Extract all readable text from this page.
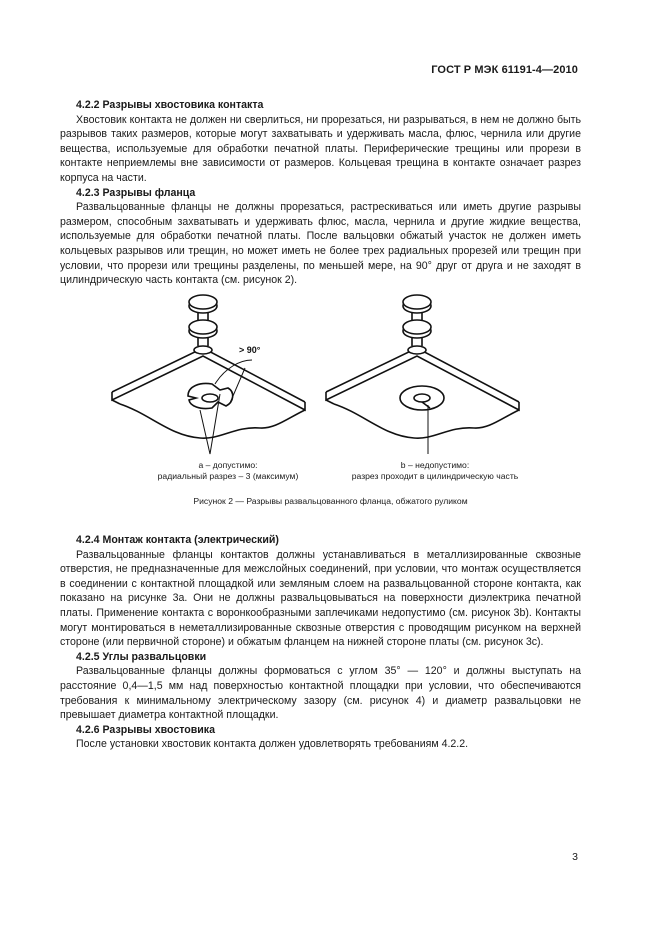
ГОСТ Р МЭК 61191-4—2010
4.2.2 Разрывы хвостовика контакта
Хвостовик контакта не должен ни сверлиться, ни прорезаться, ни разрываться, в нем не должно быть разрывов таких размеров, которые могут захватывать и удерживать масла, флюс, чернила или другие вещества, используемые для обработки печатной платы. Периферические трещины или прорези в контакте неприемлемы вне зависимости от размеров. Кольцевая трещина в контакте означает разрез корпуса на части.
4.2.3 Разрывы фланца
Развальцованные фланцы не должны прорезаться, растрескиваться или иметь другие разрывы размером, способным захватывать и удерживать флюс, масла, чернила и другие жидкие вещества, используемые для обработки печатной платы. После вальцовки обжатый участок не должен иметь кольцевых разрывов или трещин, но может иметь не более трех радиальных прорезей или трещин при условии, что прорези или трещины разделены, по меньшей мере, на 90° друг от друга и не заходят в цилиндрическую часть контакта (см. рисунок 2).
> 90°
a – допустимо:
радиальный разрез – 3 (максимум)
b – недопустимо:
разрез проходит в цилиндрическую часть
Рисунок 2 — Разрывы развальцованного фланца, обжатого руликом
4.2.4 Монтаж контакта (электрический)
Развальцованные фланцы контактов должны устанавливаться в металлизированные сквозные отверстия, не предназначенные для межслойных соединений, при условии, что монтаж осуществляется в соединении с контактной площадкой или земляным слоем на развальцованной стороне контакта, как показано на рисунке 3а. Они не должны развальцовываться на поверхности диэлектрика печатной платы. Применение контакта с воронкообразными заплечиками недопустимо (см. рисунок 3b). Контакты могут монтироваться в неметаллизированные сквозные отверстия с проводящим рисунком на верхней стороне (или первичной стороне) и обжатым фланцем на нижней стороне платы (см. рисунок 3с).
4.2.5 Углы развальцовки
Развальцованные фланцы должны формоваться с углом 35° — 120° и должны выступать на расстояние 0,4—1,5 мм над поверхностью контактной площадки при условии, что обеспечиваются требования к минимальному электрическому зазору (см. рисунок 4) и диаметр развальцовки не превышает диаметра контактной площадки.
4.2.6 Разрывы хвостовика
После установки хвостовик контакта должен удовлетворять требованиям 4.2.2.
3
